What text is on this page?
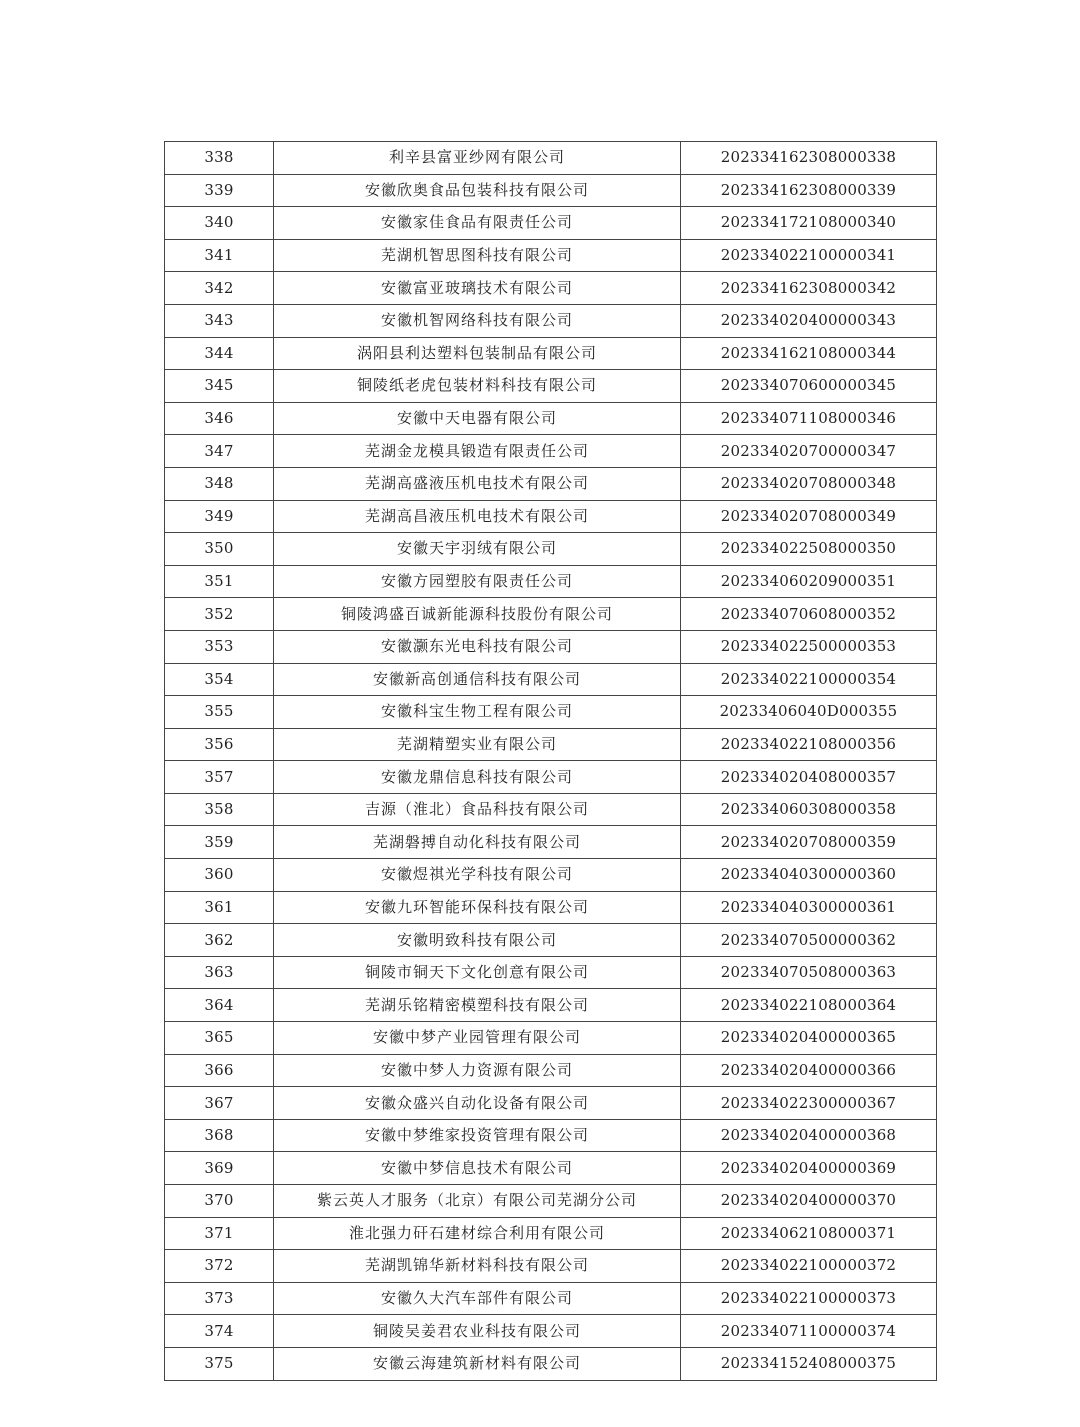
338	利辛县富亚纱网有限公司	202334162308000338
339	安徽欣奥食品包装科技有限公司	202334162308000339
340	安徽家佳食品有限责任公司	202334172108000340
341	芜湖机智思图科技有限公司	202334022100000341
342	安徽富亚玻璃技术有限公司	202334162308000342
343	安徽机智网络科技有限公司	202334020400000343
344	涡阳县利达塑料包装制品有限公司	202334162108000344
345	铜陵纸老虎包装材料科技有限公司	202334070600000345
346	安徽中天电器有限公司	202334071108000346
347	芜湖金龙模具锻造有限责任公司	202334020700000347
348	芜湖高盛液压机电技术有限公司	202334020708000348
349	芜湖高昌液压机电技术有限公司	202334020708000349
350	安徽天宇羽绒有限公司	202334022508000350
351	安徽方园塑胶有限责任公司	202334060209000351
352	铜陵鸿盛百诚新能源科技股份有限公司	202334070608000352
353	安徽灏东光电科技有限公司	202334022500000353
354	安徽新高创通信科技有限公司	202334022100000354
355	安徽科宝生物工程有限公司	20233406040D000355
356	芜湖精塑实业有限公司	202334022108000356
357	安徽龙鼎信息科技有限公司	202334020408000357
358	吉源（淮北）食品科技有限公司	202334060308000358
359	芜湖磐搏自动化科技有限公司	202334020708000359
360	安徽煜祺光学科技有限公司	202334040300000360
361	安徽九环智能环保科技有限公司	202334040300000361
362	安徽明致科技有限公司	202334070500000362
363	铜陵市铜天下文化创意有限公司	202334070508000363
364	芜湖乐铭精密模塑科技有限公司	202334022108000364
365	安徽中梦产业园管理有限公司	202334020400000365
366	安徽中梦人力资源有限公司	202334020400000366
367	安徽众盛兴自动化设备有限公司	202334022300000367
368	安徽中梦维家投资管理有限公司	202334020400000368
369	安徽中梦信息技术有限公司	202334020400000369
370	紫云英人才服务（北京）有限公司芜湖分公司	202334020400000370
371	淮北强力矸石建材综合利用有限公司	202334062108000371
372	芜湖凯锦华新材料科技有限公司	202334022100000372
373	安徽久大汽车部件有限公司	202334022100000373
374	铜陵吴姜君农业科技有限公司	202334071100000374
375	安徽云海建筑新材料有限公司	202334152408000375
